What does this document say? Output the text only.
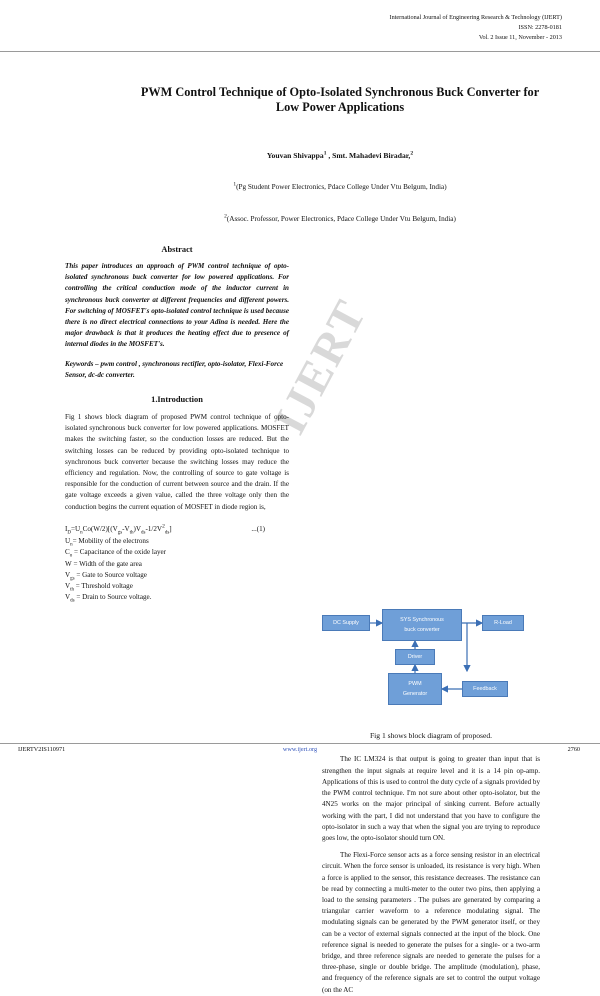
International Journal of Engineering Research & Technology (IJERT)
ISSN: 2278-0181
Vol. 2 Issue 11, November - 2013
IJERT
PWM Control Technique of Opto-Isolated Synchronous Buck Converter for
Low Power Applications
Youvan Shivappa$^1$ , Smt. Mahadevi Biradar,$^2$
$^1$(Pg Student Power Electronics, Pdace College Under Vtu Belgum, India)
$^2$(Assoc. Professor, Power Electronics, Pdace College Under Vtu Belgum, India)
Abstract

This paper introduces an approach of PWM control technique of opto-isolated synchronous buck converter for low powered applications. For controlling the critical conduction mode of the inductor current in synchronous buck converter at different frequencies and different powers. For switching of MOSFET's opto-isolated control technique is used because there is no direct electrical connections to your Adina is needed. Here the major drawback is that it produces the heating effect due to presence of internal diodes in the MOSFET's.

Keywords – pwm control , synchronous rectifier, opto-isolator, Flexi-Force Sensor, dc-dc converter.

1.Introduction

Fig 1 shows block diagram of proposed PWM control technique of opto-isolated synchronous buck converter for low powered applications. MOSFET makes the switching faster, so the conduction losses are reduced. But the switching losses can be reduced by providing opto-isolated technique to synchronous buck converter because the switching losses may reduce the efficiency and regulation. Now, the controlling of source to gate voltage is responsible for the conduction of current between source and the drain. If the gate voltage exceeds a given value, called the three voltage only then the conduction begins the current equation of MOSFET in diode region is,

$I_D=U_nCo(W/2)[(V_{gs}-V_{th})V_{ds}-1/2V^2_{ds}]$	...(1)
$U_n=$ Mobility of the electrons
$C_o$ = Capacitance of the oxide layer
W = Width of the gate area
$V_{gs}$ = Gate to Source voltage
$V_{th}$ = Threshold voltage
$V_{ds}$ = Drain to Source voltage.
DC Supply	SYS Synchronous
buck converter
R-Load
Driver
PWM
Generator
Feedback
Fig 1 shows block diagram of proposed.

The IC LM324 is that output is going to greater than input that is strengthen the input signals at require level and it is a 14 pin op-amp. Applications of this is used to control the duty cycle of a signals provided by the PWM control technique. I'm not sure about other opto-isolator, but the 4N25 works on the major principal of sinking current. Before actually working with the part, I did not understand that you have to configure the opto-isolator in such a way that when the signal you are trying to reproduce goes low, the opto-isolator should turn ON.

The Flexi-Force sensor acts as a force sensing resistor in an electrical circuit. When the force sensor is unloaded, its resistance is very high. When a force is applied to the sensor, this resistance decreases. The resistance can be read by connecting a multi-meter to the outer two pins, then applying a load to the sensing parameters . The pulses are generated by comparing a triangular carrier waveform to a reference modulating signal. The modulating signals can be generated by the PWM generator itself, or they can be a vector of external signals connected at the input of the block. One reference signal is needed to generate the pulses for a single- or a two-arm bridge, and three reference signals are needed to generate the pulses for a three-phase, single or double bridge. The amplitude (modulation), phase, and frequency of the reference signals are set to control the output voltage (on the AC

IJERTV2IS110971	www.ijert.org	2760
